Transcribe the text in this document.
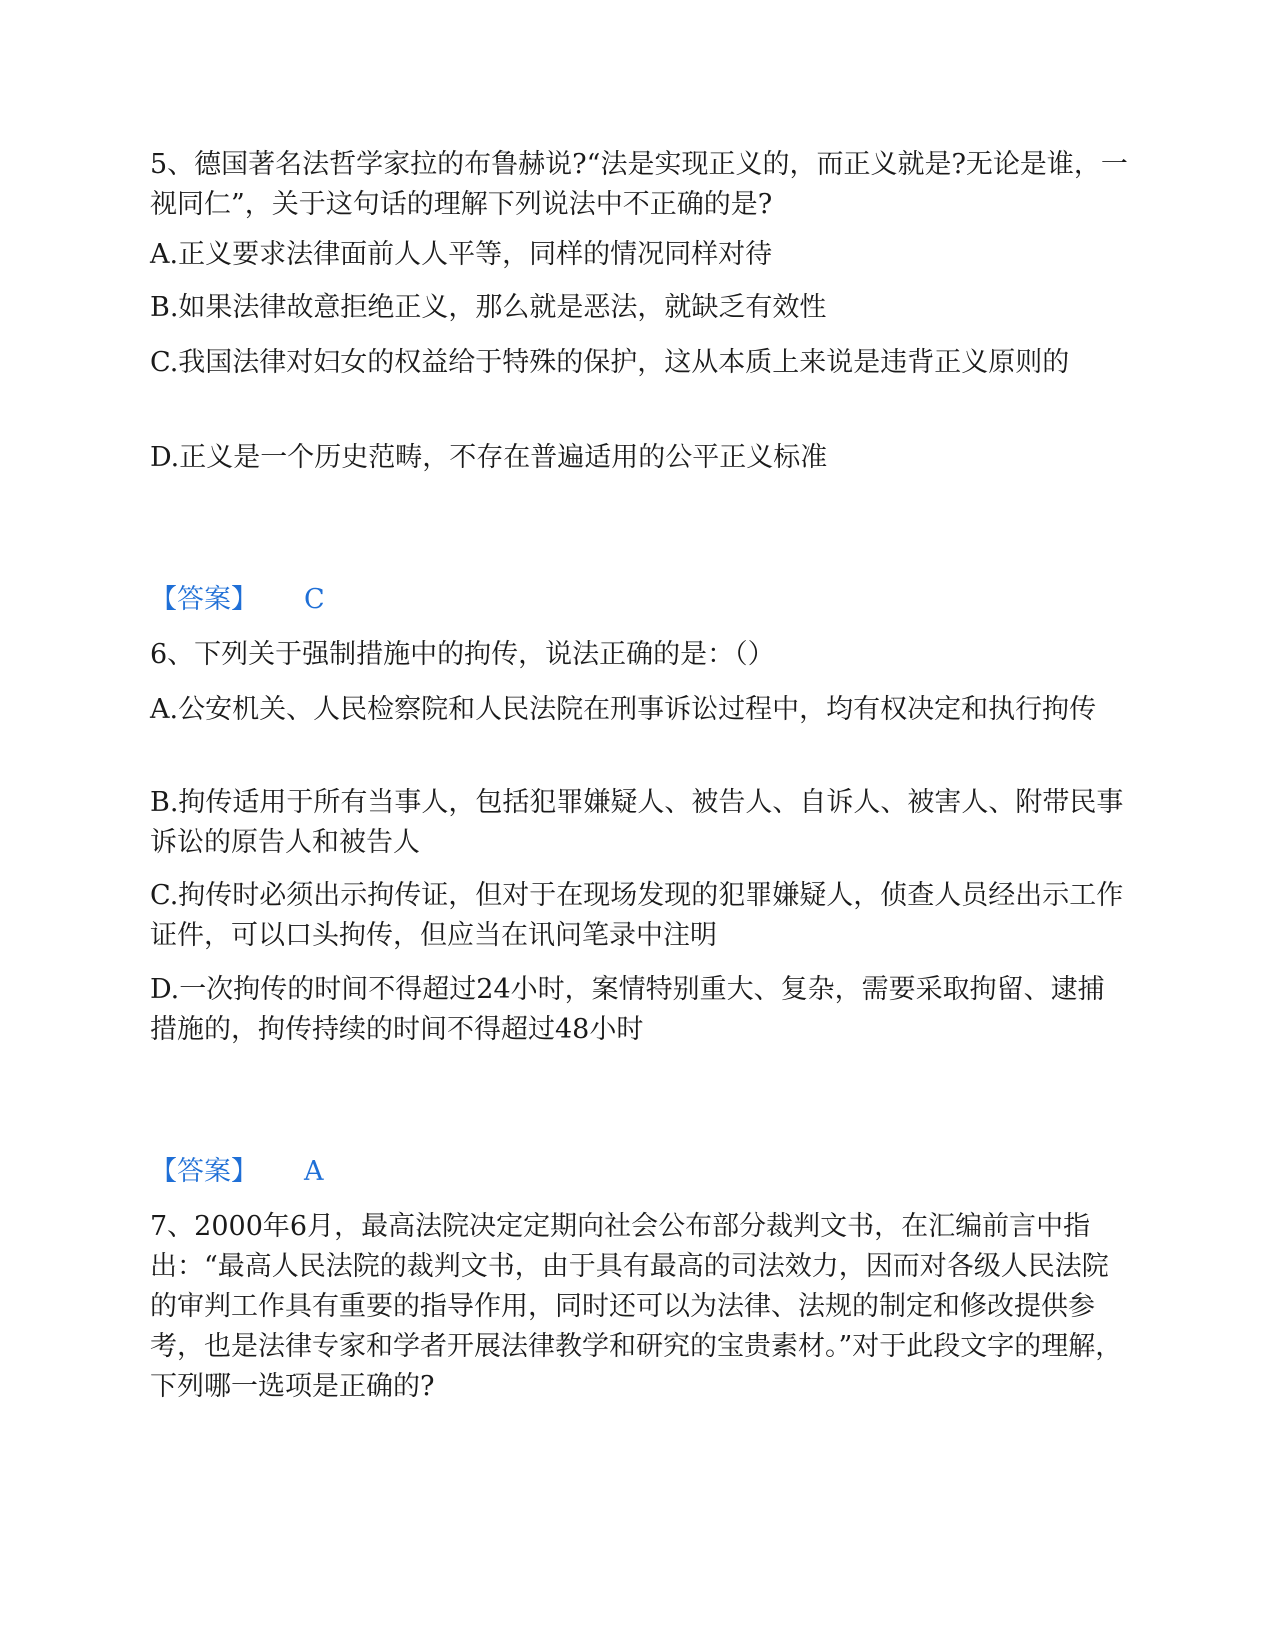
5、德国著名法哲学家拉的布鲁赫说?“法是实现正义的，而正义就是?无论是谁，一视同仁”，关于这句话的理解下列说法中不正确的是?
A.正义要求法律面前人人平等，同样的情况同样对待
B.如果法律故意拒绝正义，那么就是恶法，就缺乏有效性
C.我国法律对妇女的权益给于特殊的保护，这从本质上来说是违背正义原则的
D.正义是一个历史范畴，不存在普遍适用的公平正义标准
【答案】 C
6、下列关于强制措施中的拘传，说法正确的是：（）
A.公安机关、人民检察院和人民法院在刑事诉讼过程中，均有权决定和执行拘传
B.拘传适用于所有当事人，包括犯罪嫌疑人、被告人、自诉人、被害人、附带民事诉讼的原告人和被告人
C.拘传时必须出示拘传证，但对于在现场发现的犯罪嫌疑人，侦查人员经出示工作证件，可以口头拘传，但应当在讯问笔录中注明
D.一次拘传的时间不得超过24小时，案情特别重大、复杂，需要采取拘留、逮捕措施的，拘传持续的时间不得超过48小时
【答案】 A
7、2000年6月，最高法院决定定期向社会公布部分裁判文书，在汇编前言中指出：“最高人民法院的裁判文书，由于具有最高的司法效力，因而对各级人民法院的审判工作具有重要的指导作用，同时还可以为法律、法规的制定和修改提供参考，也是法律专家和学者开展法律教学和研究的宝贵素材。”对于此段文字的理解，下列哪一选项是正确的?
